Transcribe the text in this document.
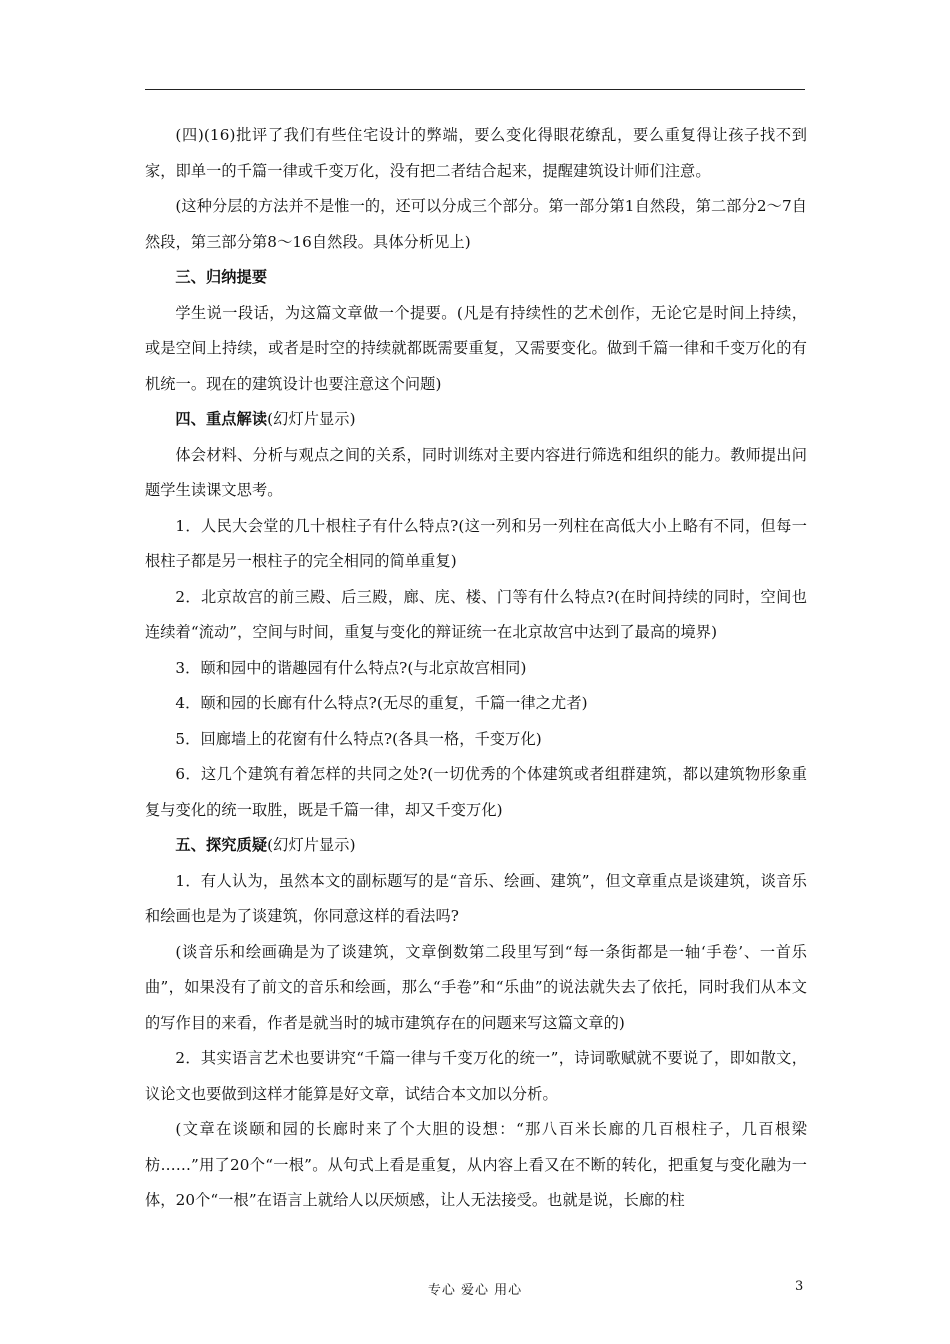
(四)(16)批评了我们有些住宅设计的弊端，要么变化得眼花缭乱，要么重复得让孩子找不到家，即单一的千篇一律或千变万化，没有把二者结合起来，提醒建筑设计师们注意。

(这种分层的方法并不是惟一的，还可以分成三个部分。第一部分第1自然段，第二部分2～7自然段，第三部分第8～16自然段。具体分析见上)

三、归纳提要

学生说一段话，为这篇文章做一个提要。(凡是有持续性的艺术创作，无论它是时间上持续，或是空间上持续，或者是时空的持续就都既需要重复，又需要变化。做到千篇一律和千变万化的有机统一。现在的建筑设计也要注意这个问题)

四、重点解读(幻灯片显示)

体会材料、分析与观点之间的关系，同时训练对主要内容进行筛选和组织的能力。教师提出问题学生读课文思考。

1．人民大会堂的几十根柱子有什么特点?(这一列和另一列柱在高低大小上略有不同，但每一根柱子都是另一根柱子的完全相同的简单重复)

2．北京故宫的前三殿、后三殿，廊、庑、楼、门等有什么特点?(在时间持续的同时，空间也连续着“流动”，空间与时间，重复与变化的辩证统一在北京故宫中达到了最高的境界)

3．颐和园中的谐趣园有什么特点?(与北京故宫相同)

4．颐和园的长廊有什么特点?(无尽的重复，千篇一律之尤者)

5．回廊墙上的花窗有什么特点?(各具一格，千变万化)

6．这几个建筑有着怎样的共同之处?(一切优秀的个体建筑或者组群建筑，都以建筑物形象重复与变化的统一取胜，既是千篇一律，却又千变万化)

五、探究质疑(幻灯片显示)

1．有人认为，虽然本文的副标题写的是“音乐、绘画、建筑”，但文章重点是谈建筑，谈音乐和绘画也是为了谈建筑，你同意这样的看法吗?

(谈音乐和绘画确是为了谈建筑，文章倒数第二段里写到“每一条街都是一轴‘手卷’、一首乐曲”，如果没有了前文的音乐和绘画，那么“手卷”和“乐曲”的说法就失去了依托，同时我们从本文的写作目的来看，作者是就当时的城市建筑存在的问题来写这篇文章的)

2．其实语言艺术也要讲究“千篇一律与千变万化的统一”，诗词歌赋就不要说了，即如散文，议论文也要做到这样才能算是好文章，试结合本文加以分析。

(文章在谈颐和园的长廊时来了个大胆的设想：“那八百米长廊的几百根柱子，几百根梁枋……”用了20个“一根”。从句式上看是重复，从内容上看又在不断的转化，把重复与变化融为一体，20个“一根”在语言上就给人以厌烦感，让人无法接受。也就是说，长廊的柱

专心 爱心 用心	3
